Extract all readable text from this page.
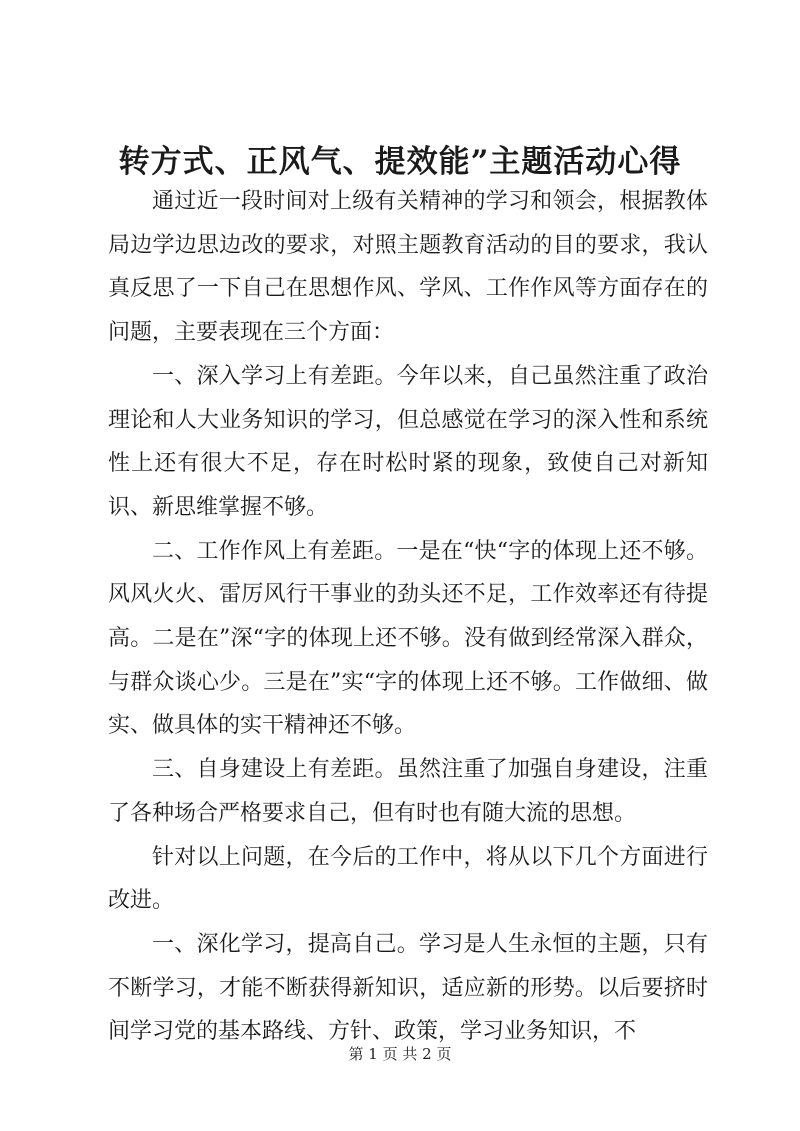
转方式、正风气、提效能”主题活动心得

通过近一段时间对上级有关精神的学习和领会，根据教体局边学边思边改的要求，对照主题教育活动的目的要求，我认真反思了一下自己在思想作风、学风、工作作风等方面存在的问题，主要表现在三个方面：

一、深入学习上有差距。今年以来，自己虽然注重了政治理论和人大业务知识的学习，但总感觉在学习的深入性和系统性上还有很大不足，存在时松时紧的现象，致使自己对新知识、新思维掌握不够。

二、工作作风上有差距。一是在“快“字的体现上还不够。风风火火、雷厉风行干事业的劲头还不足，工作效率还有待提高。二是在”深“字的体现上还不够。没有做到经常深入群众，与群众谈心少。三是在”实“字的体现上还不够。工作做细、做实、做具体的实干精神还不够。

三、自身建设上有差距。虽然注重了加强自身建设，注重了各种场合严格要求自己，但有时也有随大流的思想。

针对以上问题，在今后的工作中，将从以下几个方面进行改进。

一、深化学习，提高自己。学习是人生永恒的主题，只有不断学习，才能不断获得新知识，适应新的形势。以后要挤时间学习党的基本路线、方针、政策，学习业务知识，不

第 1 页 共 2 页
